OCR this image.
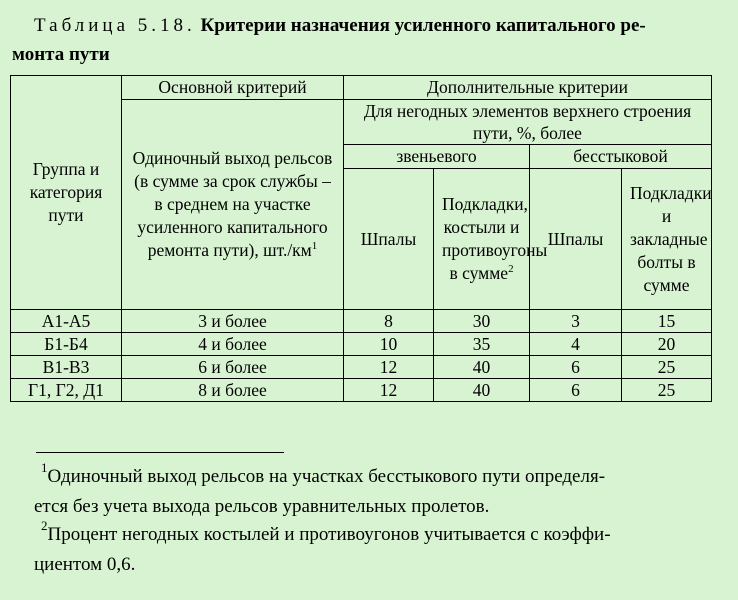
Таблица 5.18. Критерии назначения усиленного капитального ре-
монта пути
Группа и категория пути	Основной критерий	Дополнительные критерии			
	Одиночный выход рельсов (в сумме за срок службы – в среднем на участке усиленного капитального ремонта пути), $шт./км^1$	Для негодных элементов верхнего строения пути, %, более			
		звеньевого		бесстыковой	
		Шпалы	Подкладки, костыли и противоугоны в сумме$^2$	Шпалы	Подкладки и закладные болты в сумме
А1-А5	3 и более	8	30	3	15
Б1-Б4	4 и более	10	35	4	20
В1-В3	6 и более	12	40	6	25
Г1, Г2, Д1	8 и более	12	40	6	25
$^1$Одиночный выход рельсов на участках бесстыкового пути определя-
ется без учета выхода рельсов уравнительных пролетов.
$^2$Процент негодных костылей и противоугонов учитывается с коэффи-
циентом 0,6.
